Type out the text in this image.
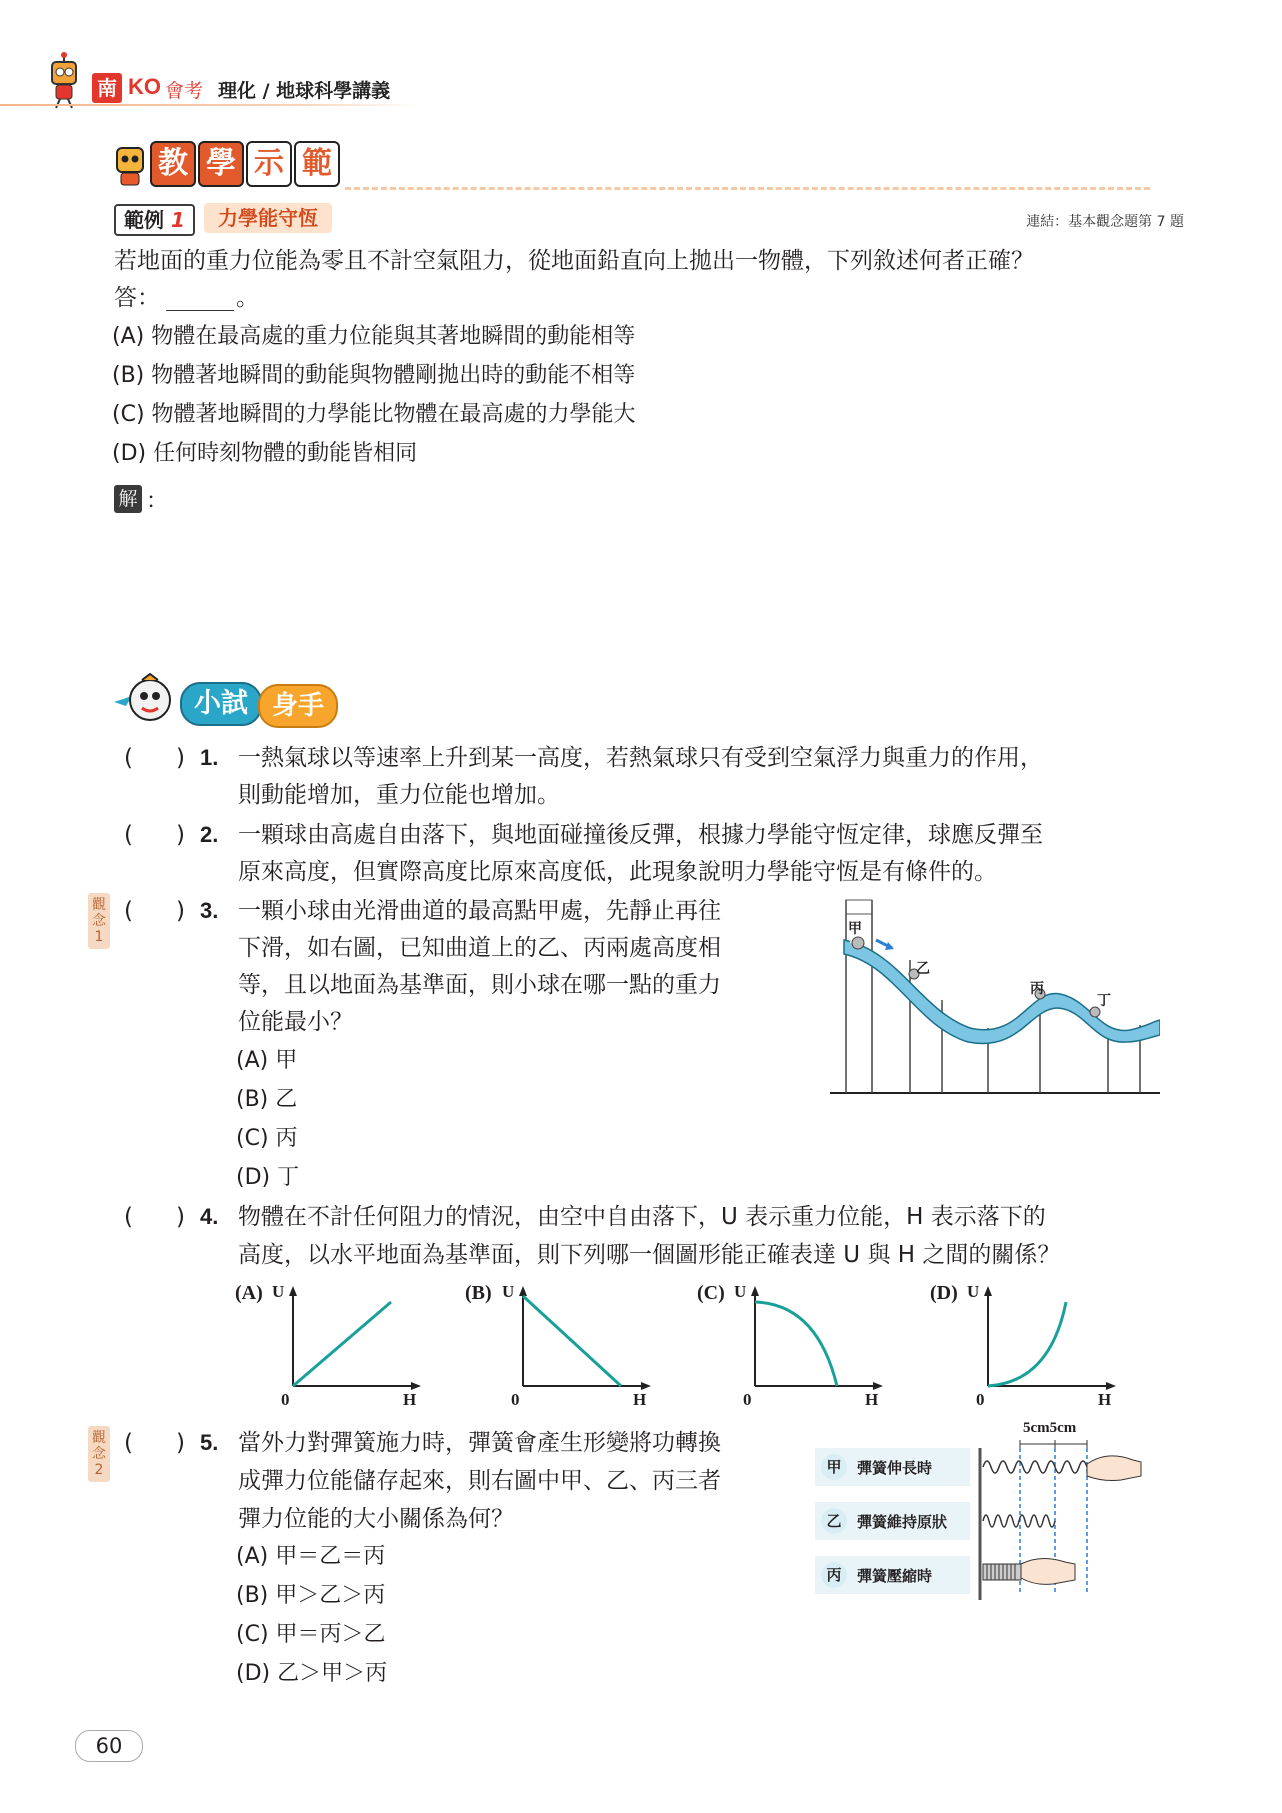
南 KO 會考 理化 / 地球科學講義
教 學 示 範
範例 1	力學能守恆	連結：基本觀念題第 7 題
若地面的重力位能為零且不計空氣阻力，從地面鉛直向上拋出一物體，下列敘述何者正確？
答：	。
(A) 物體在最高處的重力位能與其著地瞬間的動能相等
(B) 物體著地瞬間的動能與物體剛拋出時的動能不相等
(C) 物體著地瞬間的力學能比物體在最高處的力學能大
(D) 任何時刻物體的動能皆相同
解 ：
小試 身手
( ) 1. 一熱氣球以等速率上升到某一高度，若熱氣球只有受到空氣浮力與重力的作用，
則動能增加，重力位能也增加。
( ) 2. 一顆球由高處自由落下，與地面碰撞後反彈，根據力學能守恆定律，球應反彈至
原來高度，但實際高度比原來高度低，此現象說明力學能守恆是有條件的。
觀念1
( ) 3. 一顆小球由光滑曲道的最高點甲處，先靜止再往
下滑，如右圖，已知曲道上的乙、丙兩處高度相
等，且以地面為基準面，則小球在哪一點的重力
位能最小？
(A) 甲
(B) 乙
(C) 丙
(D) 丁
甲
乙
丙
丁
( ) 4. 物體在不計任何阻力的情況，由空中自由落下，U 表示重力位能，H 表示落下的
高度，以水平地面為基準面，則下列哪一個圖形能正確表達 U 與 H 之間的關係？
(A) U
0	H
(B) U
0	H
(C) U
0	H
(D) U
0	H
觀念2
( ) 5. 當外力對彈簧施力時，彈簧會產生形變將功轉換
成彈力位能儲存起來，則右圖中甲、乙、丙三者
彈力位能的大小關係為何？
(A) 甲＝乙＝丙
(B) 甲＞乙＞丙
(C) 甲＝丙＞乙
(D) 乙＞甲＞丙
5cm5cm
甲	彈簧伸長時
乙	彈簧維持原狀
丙	彈簧壓縮時
60
